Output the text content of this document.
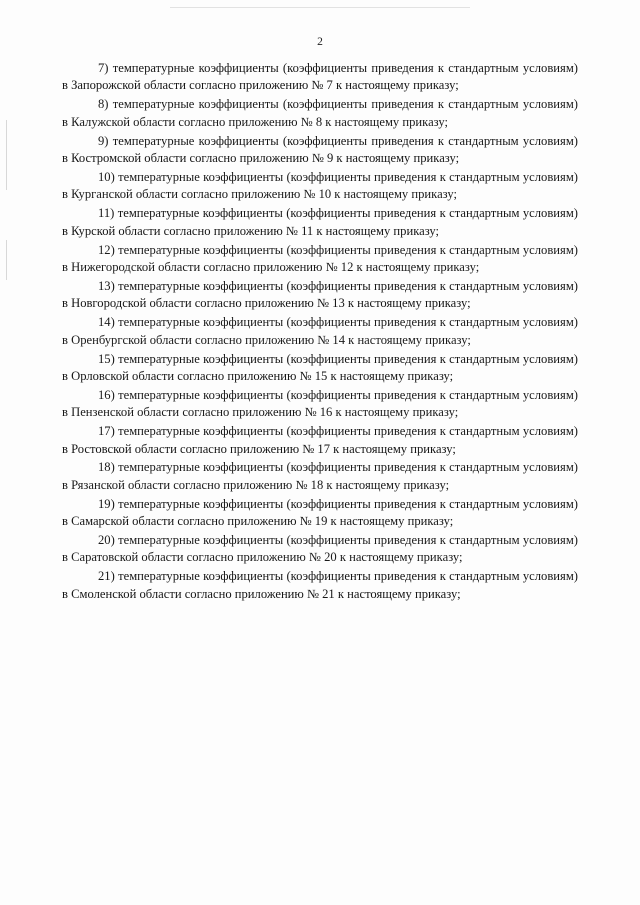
2

7) температурные коэффициенты (коэффициенты приведения к стандартным условиям) в Запорожской области согласно приложению № 7 к настоящему приказу;

8) температурные коэффициенты (коэффициенты приведения к стандартным условиям) в Калужской области согласно приложению № 8 к настоящему приказу;

9) температурные коэффициенты (коэффициенты приведения к стандартным условиям) в Костромской области согласно приложению № 9 к настоящему приказу;

10) температурные коэффициенты (коэффициенты приведения к стандартным условиям) в Курганской области согласно приложению № 10 к настоящему приказу;

11) температурные коэффициенты (коэффициенты приведения к стандартным условиям) в Курской области согласно приложению № 11 к настоящему приказу;

12) температурные коэффициенты (коэффициенты приведения к стандартным условиям) в Нижегородской области согласно приложению № 12 к настоящему приказу;

13) температурные коэффициенты (коэффициенты приведения к стандартным условиям) в Новгородской области согласно приложению № 13 к настоящему приказу;

14) температурные коэффициенты (коэффициенты приведения к стандартным условиям) в Оренбургской области согласно приложению № 14 к настоящему приказу;

15) температурные коэффициенты (коэффициенты приведения к стандартным условиям) в Орловской области согласно приложению № 15 к настоящему приказу;

16) температурные коэффициенты (коэффициенты приведения к стандартным условиям) в Пензенской области согласно приложению № 16 к настоящему приказу;

17) температурные коэффициенты (коэффициенты приведения к стандартным условиям) в Ростовской области согласно приложению № 17 к настоящему приказу;

18) температурные коэффициенты (коэффициенты приведения к стандартным условиям) в Рязанской области согласно приложению № 18 к настоящему приказу;

19) температурные коэффициенты (коэффициенты приведения к стандартным условиям) в Самарской области согласно приложению № 19 к настоящему приказу;

20) температурные коэффициенты (коэффициенты приведения к стандартным условиям) в Саратовской области согласно приложению № 20 к настоящему приказу;

21) температурные коэффициенты (коэффициенты приведения к стандартным условиям) в Смоленской области согласно приложению № 21 к настоящему приказу;
